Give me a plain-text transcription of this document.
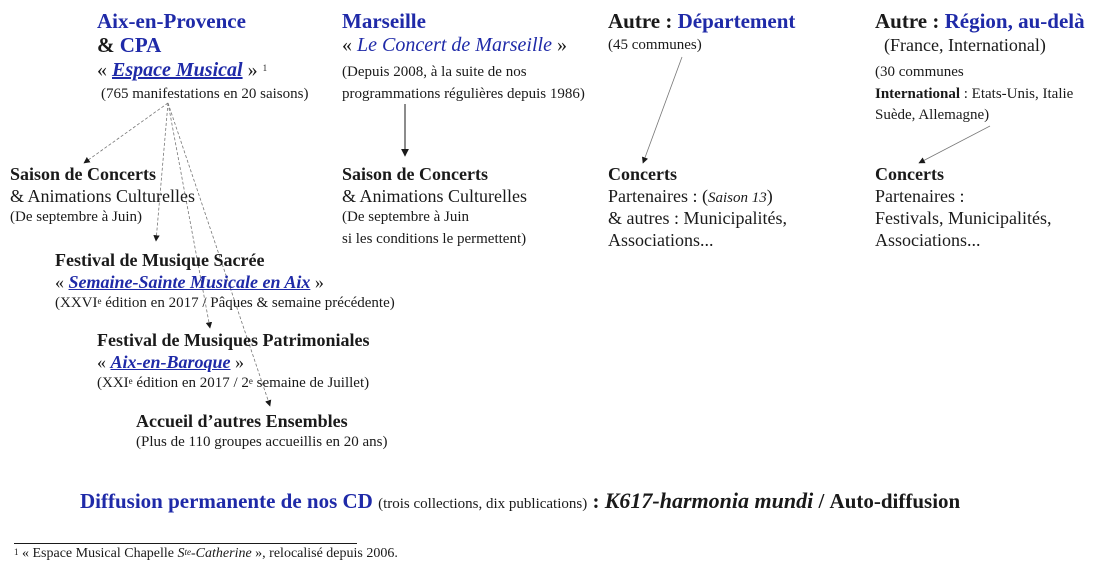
Aix-en-Provence
& CPA
« Espace Musical » $^1$
(765 manifestations en 20 saisons)
Marseille
« Le Concert de Marseille »
(Depuis 2008, à la suite de nos
programmations régulières depuis 1986)
Autre : Département
(45 communes)
Autre : Région, au-delà
(France, International)
(30 communes
International : Etats-Unis, Italie
Suède, Allemagne)
Saison de Concerts
& Animations Culturelles
(De septembre à Juin)
Saison de Concerts
& Animations Culturelles
(De septembre à Juin
si les conditions le permettent)
Concerts
Partenaires : (Saison 13)
& autres : Municipalités,
Associations...
Concerts
Partenaires :
Festivals, Municipalités,
Associations...
Festival de Musique Sacrée
« Semaine-Sainte Musicale en Aix »
(XXVIe édition en 2017 / Pâques & semaine précédente)
Festival de Musiques Patrimoniales
« Aix-en-Baroque »
(XXIe édition en 2017 / 2e semaine de Juillet)
Accueil d’autres Ensembles
(Plus de 110 groupes accueillis en 20 ans)
Diffusion permanente de nos CD (trois collections, dix publications) : K617-harmonia mundi / Auto-diffusion
$^1$ « Espace Musical Chapelle $S^{te}$-Catherine », relocalisé depuis 2006.
